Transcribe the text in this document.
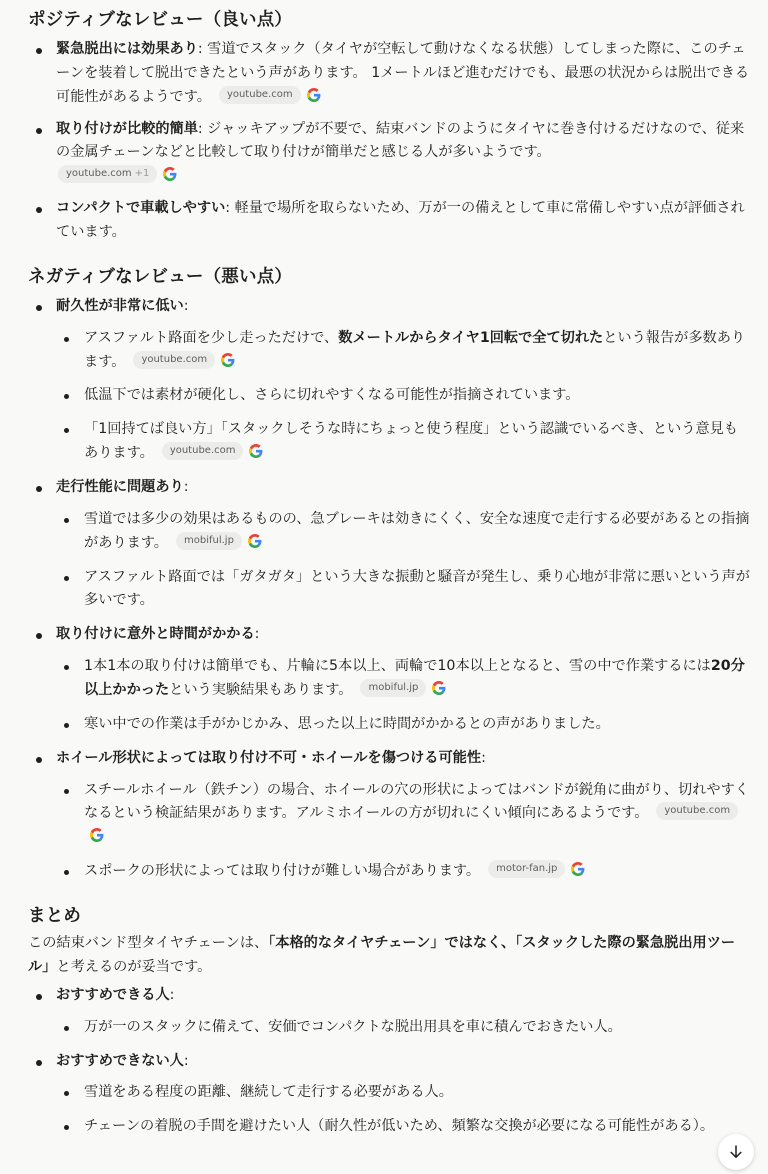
ポジティブなレビュー（良い点）
緊急脱出には効果あり: 雪道でスタック（タイヤが空転して動けなくなる状態）してしまった際に、このチェーンを装着して脱出できたという声があります。 1メートルほど進むだけでも、最悪の状況からは脱出できる可能性があるようです。 youtube.com
取り付けが比較的簡単: ジャッキアップが不要で、結束バンドのようにタイヤに巻き付けるだけなので、従来の金属チェーンなどと比較して取り付けが簡単だと感じる人が多いようです。
youtube.com +1
コンパクトで車載しやすい: 軽量で場所を取らないため、万が一の備えとして車に常備しやすい点が評価されています。
ネガティブなレビュー（悪い点）
耐久性が非常に低い:
アスファルト路面を少し走っただけで、数メートルからタイヤ1回転で全て切れたという報告が多数あります。 youtube.com
低温下では素材が硬化し、さらに切れやすくなる可能性が指摘されています。
「1回持てば良い方」「スタックしそうな時にちょっと使う程度」という認識でいるべき、という意見もあります。 youtube.com
走行性能に問題あり:
雪道では多少の効果はあるものの、急ブレーキは効きにくく、安全な速度で走行する必要があるとの指摘があります。 mobiful.jp
アスファルト路面では「ガタガタ」という大きな振動と騒音が発生し、乗り心地が非常に悪いという声が多いです。
取り付けに意外と時間がかかる:
1本1本の取り付けは簡単でも、片輪に5本以上、両輪で10本以上となると、雪の中で作業するには20分以上かかったという実験結果もあります。 mobiful.jp
寒い中での作業は手がかじかみ、思った以上に時間がかかるとの声がありました。
ホイール形状によっては取り付け不可・ホイールを傷つける可能性:
スチールホイール（鉄チン）の場合、ホイールの穴の形状によってはバンドが鋭角に曲がり、切れやすくなるという検証結果があります。アルミホイールの方が切れにくい傾向にあるようです。 youtube.com
スポークの形状によっては取り付けが難しい場合があります。 motor-fan.jp
まとめ

この結束バンド型タイヤチェーンは、「本格的なタイヤチェーン」ではなく、「スタックした際の緊急脱出用ツール」と考えるのが妥当です。

おすすめできる人:
万が一のスタックに備えて、安価でコンパクトな脱出用具を車に積んでおきたい人。
おすすめできない人:
雪道をある程度の距離、継続して走行する必要がある人。
チェーンの着脱の手間を避けたい人（耐久性が低いため、頻繁な交換が必要になる可能性がある）。
